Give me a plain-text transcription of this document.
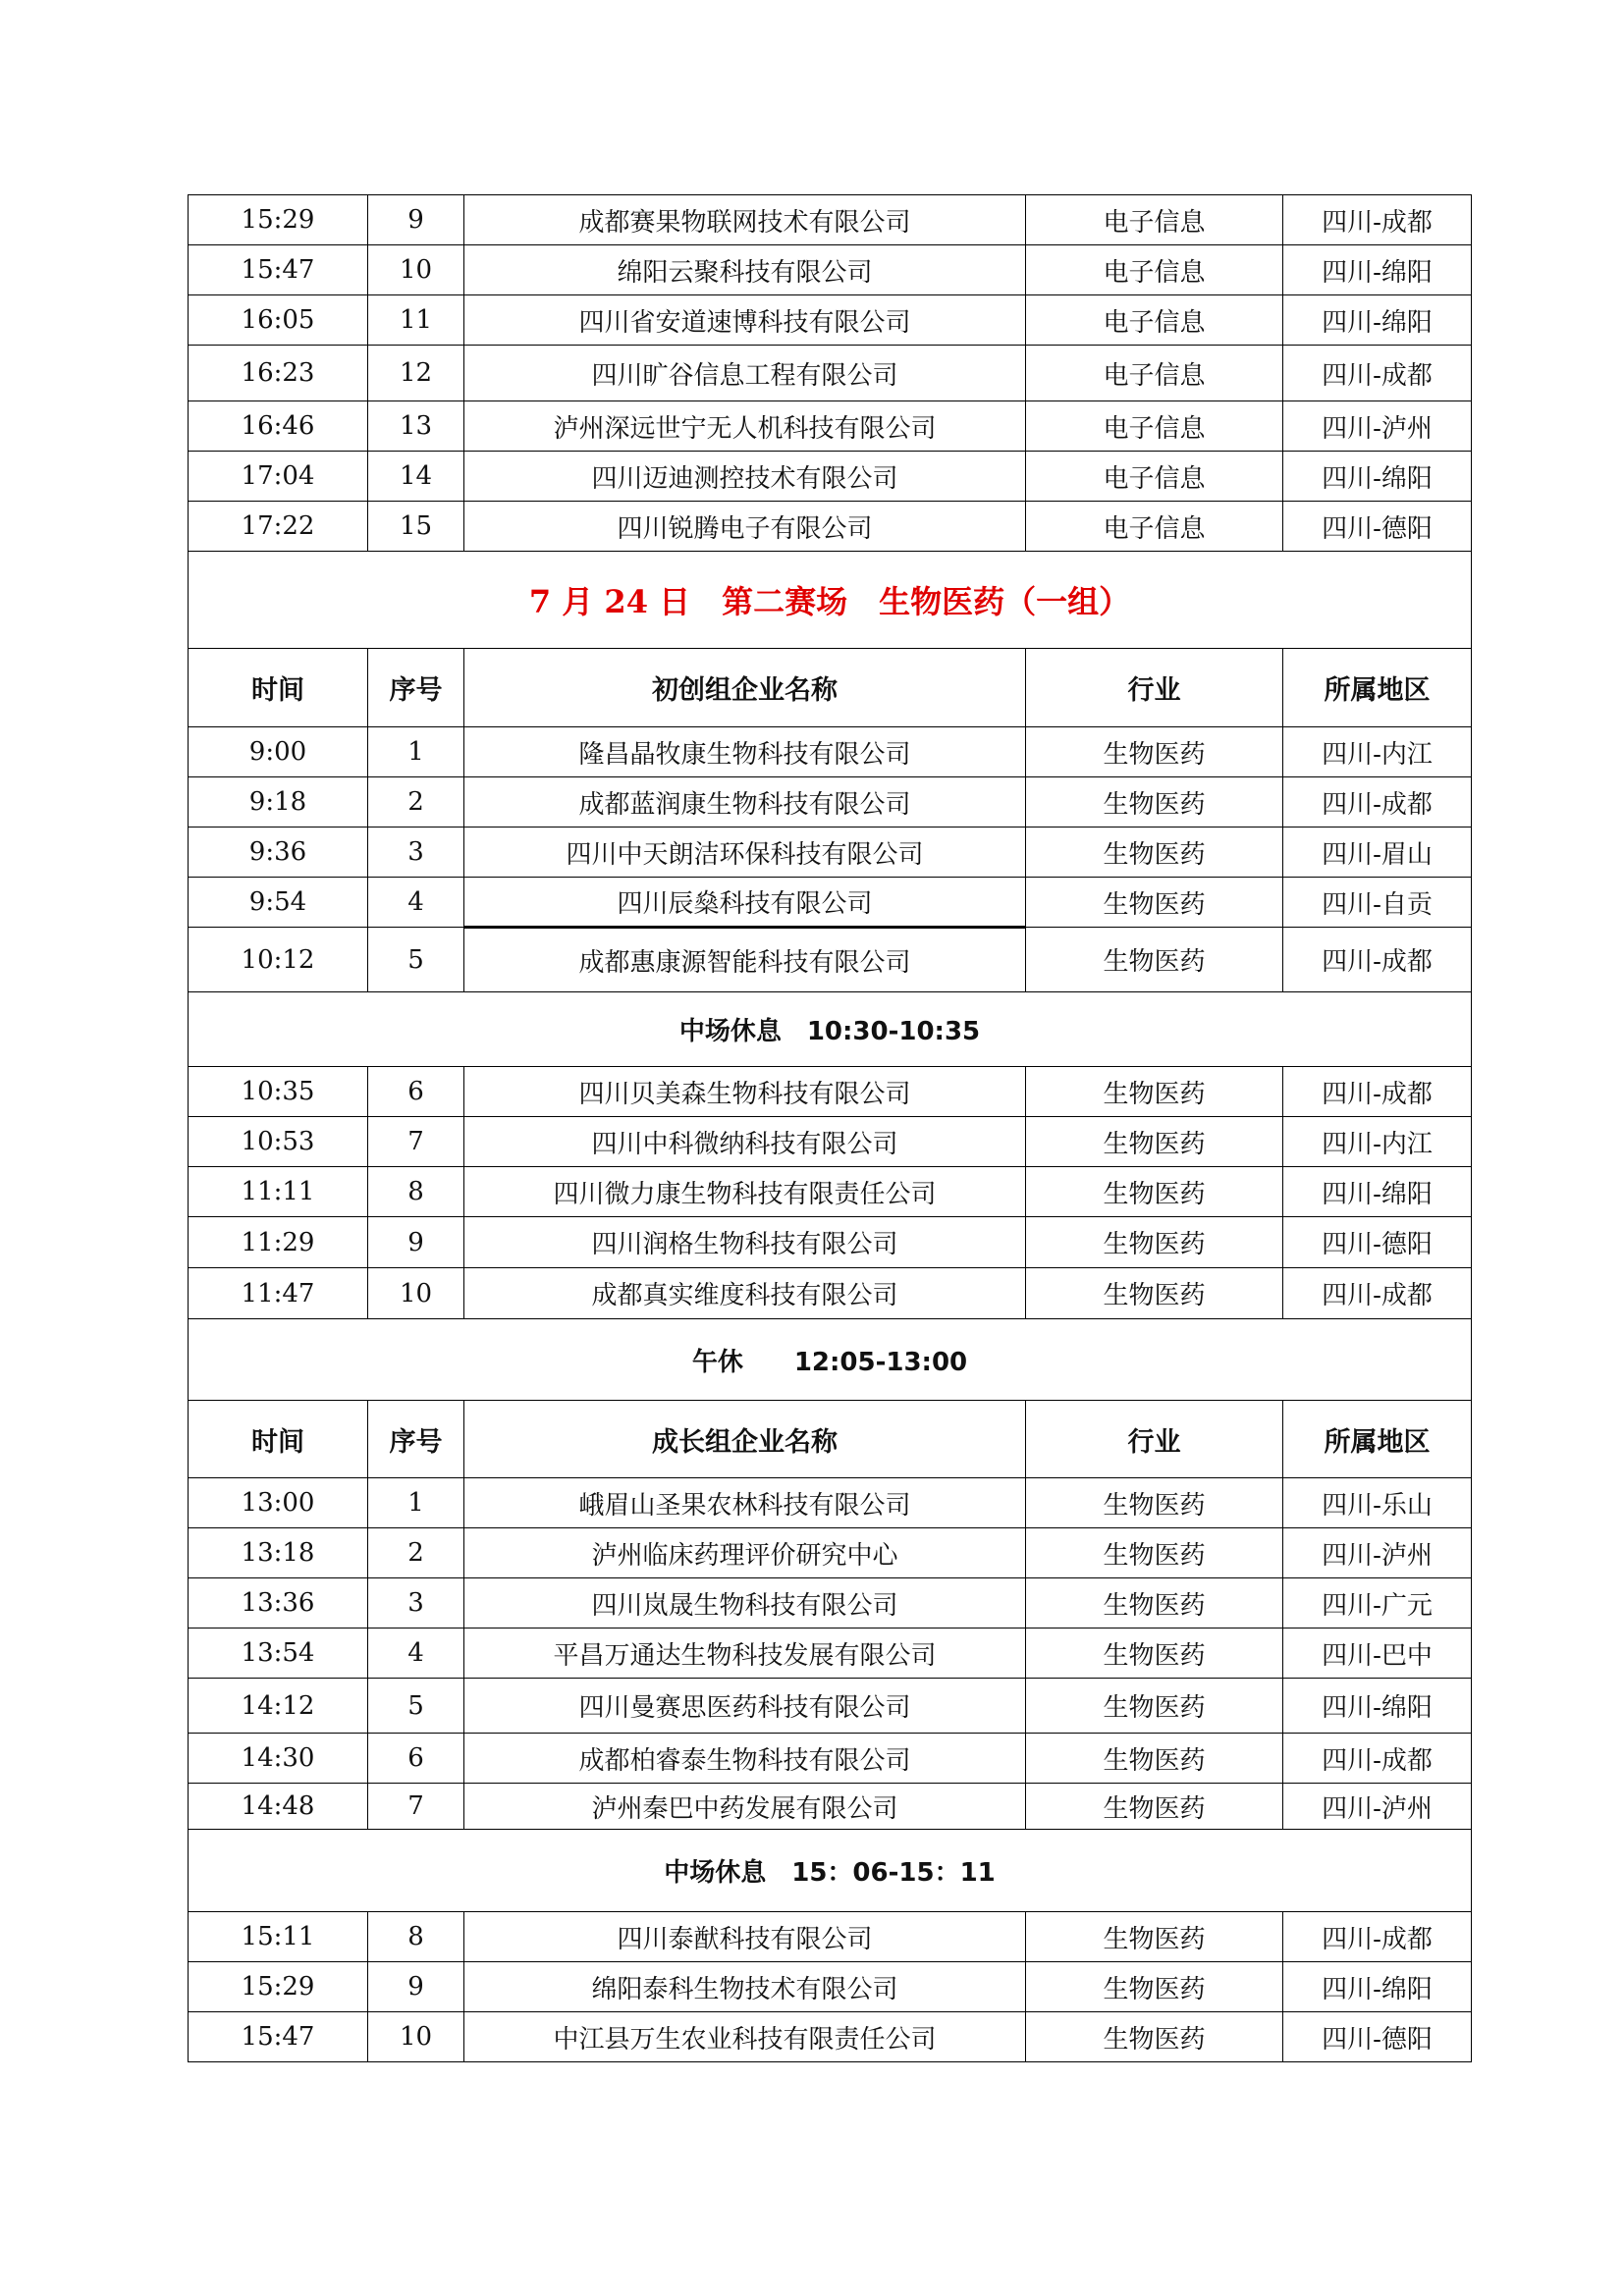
15:29	9	成都赛果物联网技术有限公司	电子信息	四川-成都
15:47	10	绵阳云聚科技有限公司	电子信息	四川-绵阳
16:05	11	四川省安道速博科技有限公司	电子信息	四川-绵阳
16:23	12	四川旷谷信息工程有限公司	电子信息	四川-成都
16:46	13	泸州深远世宁无人机科技有限公司	电子信息	四川-泸州
17:04	14	四川迈迪测控技术有限公司	电子信息	四川-绵阳
17:22	15	四川锐腾电子有限公司	电子信息	四川-德阳
7 月 24 日　第二赛场　生物医药（一组）				
时间	序号	初创组企业名称	行业	所属地区
9:00	1	隆昌晶牧康生物科技有限公司	生物医药	四川-内江
9:18	2	成都蓝润康生物科技有限公司	生物医药	四川-成都
9:36	3	四川中天朗洁环保科技有限公司	生物医药	四川-眉山
9:54	4	四川辰燊科技有限公司	生物医药	四川-自贡
10:12	5	成都惠康源智能科技有限公司	生物医药	四川-成都
中场休息　10:30-10:35				
10:35	6	四川贝美森生物科技有限公司	生物医药	四川-成都
10:53	7	四川中科微纳科技有限公司	生物医药	四川-内江
11:11	8	四川微力康生物科技有限责任公司	生物医药	四川-绵阳
11:29	9	四川润格生物科技有限公司	生物医药	四川-德阳
11:47	10	成都真实维度科技有限公司	生物医药	四川-成都
午休　　12:05-13:00				
时间	序号	成长组企业名称	行业	所属地区
13:00	1	峨眉山圣果农林科技有限公司	生物医药	四川-乐山
13:18	2	泸州临床药理评价研究中心	生物医药	四川-泸州
13:36	3	四川岚晟生物科技有限公司	生物医药	四川-广元
13:54	4	平昌万通达生物科技发展有限公司	生物医药	四川-巴中
14:12	5	四川曼赛思医药科技有限公司	生物医药	四川-绵阳
14:30	6	成都柏睿泰生物科技有限公司	生物医药	四川-成都
14:48	7	泸州秦巴中药发展有限公司	生物医药	四川-泸州
中场休息　15：06-15：11				
15:11	8	四川泰猷科技有限公司	生物医药	四川-成都
15:29	9	绵阳泰科生物技术有限公司	生物医药	四川-绵阳
15:47	10	中江县万生农业科技有限责任公司	生物医药	四川-德阳
